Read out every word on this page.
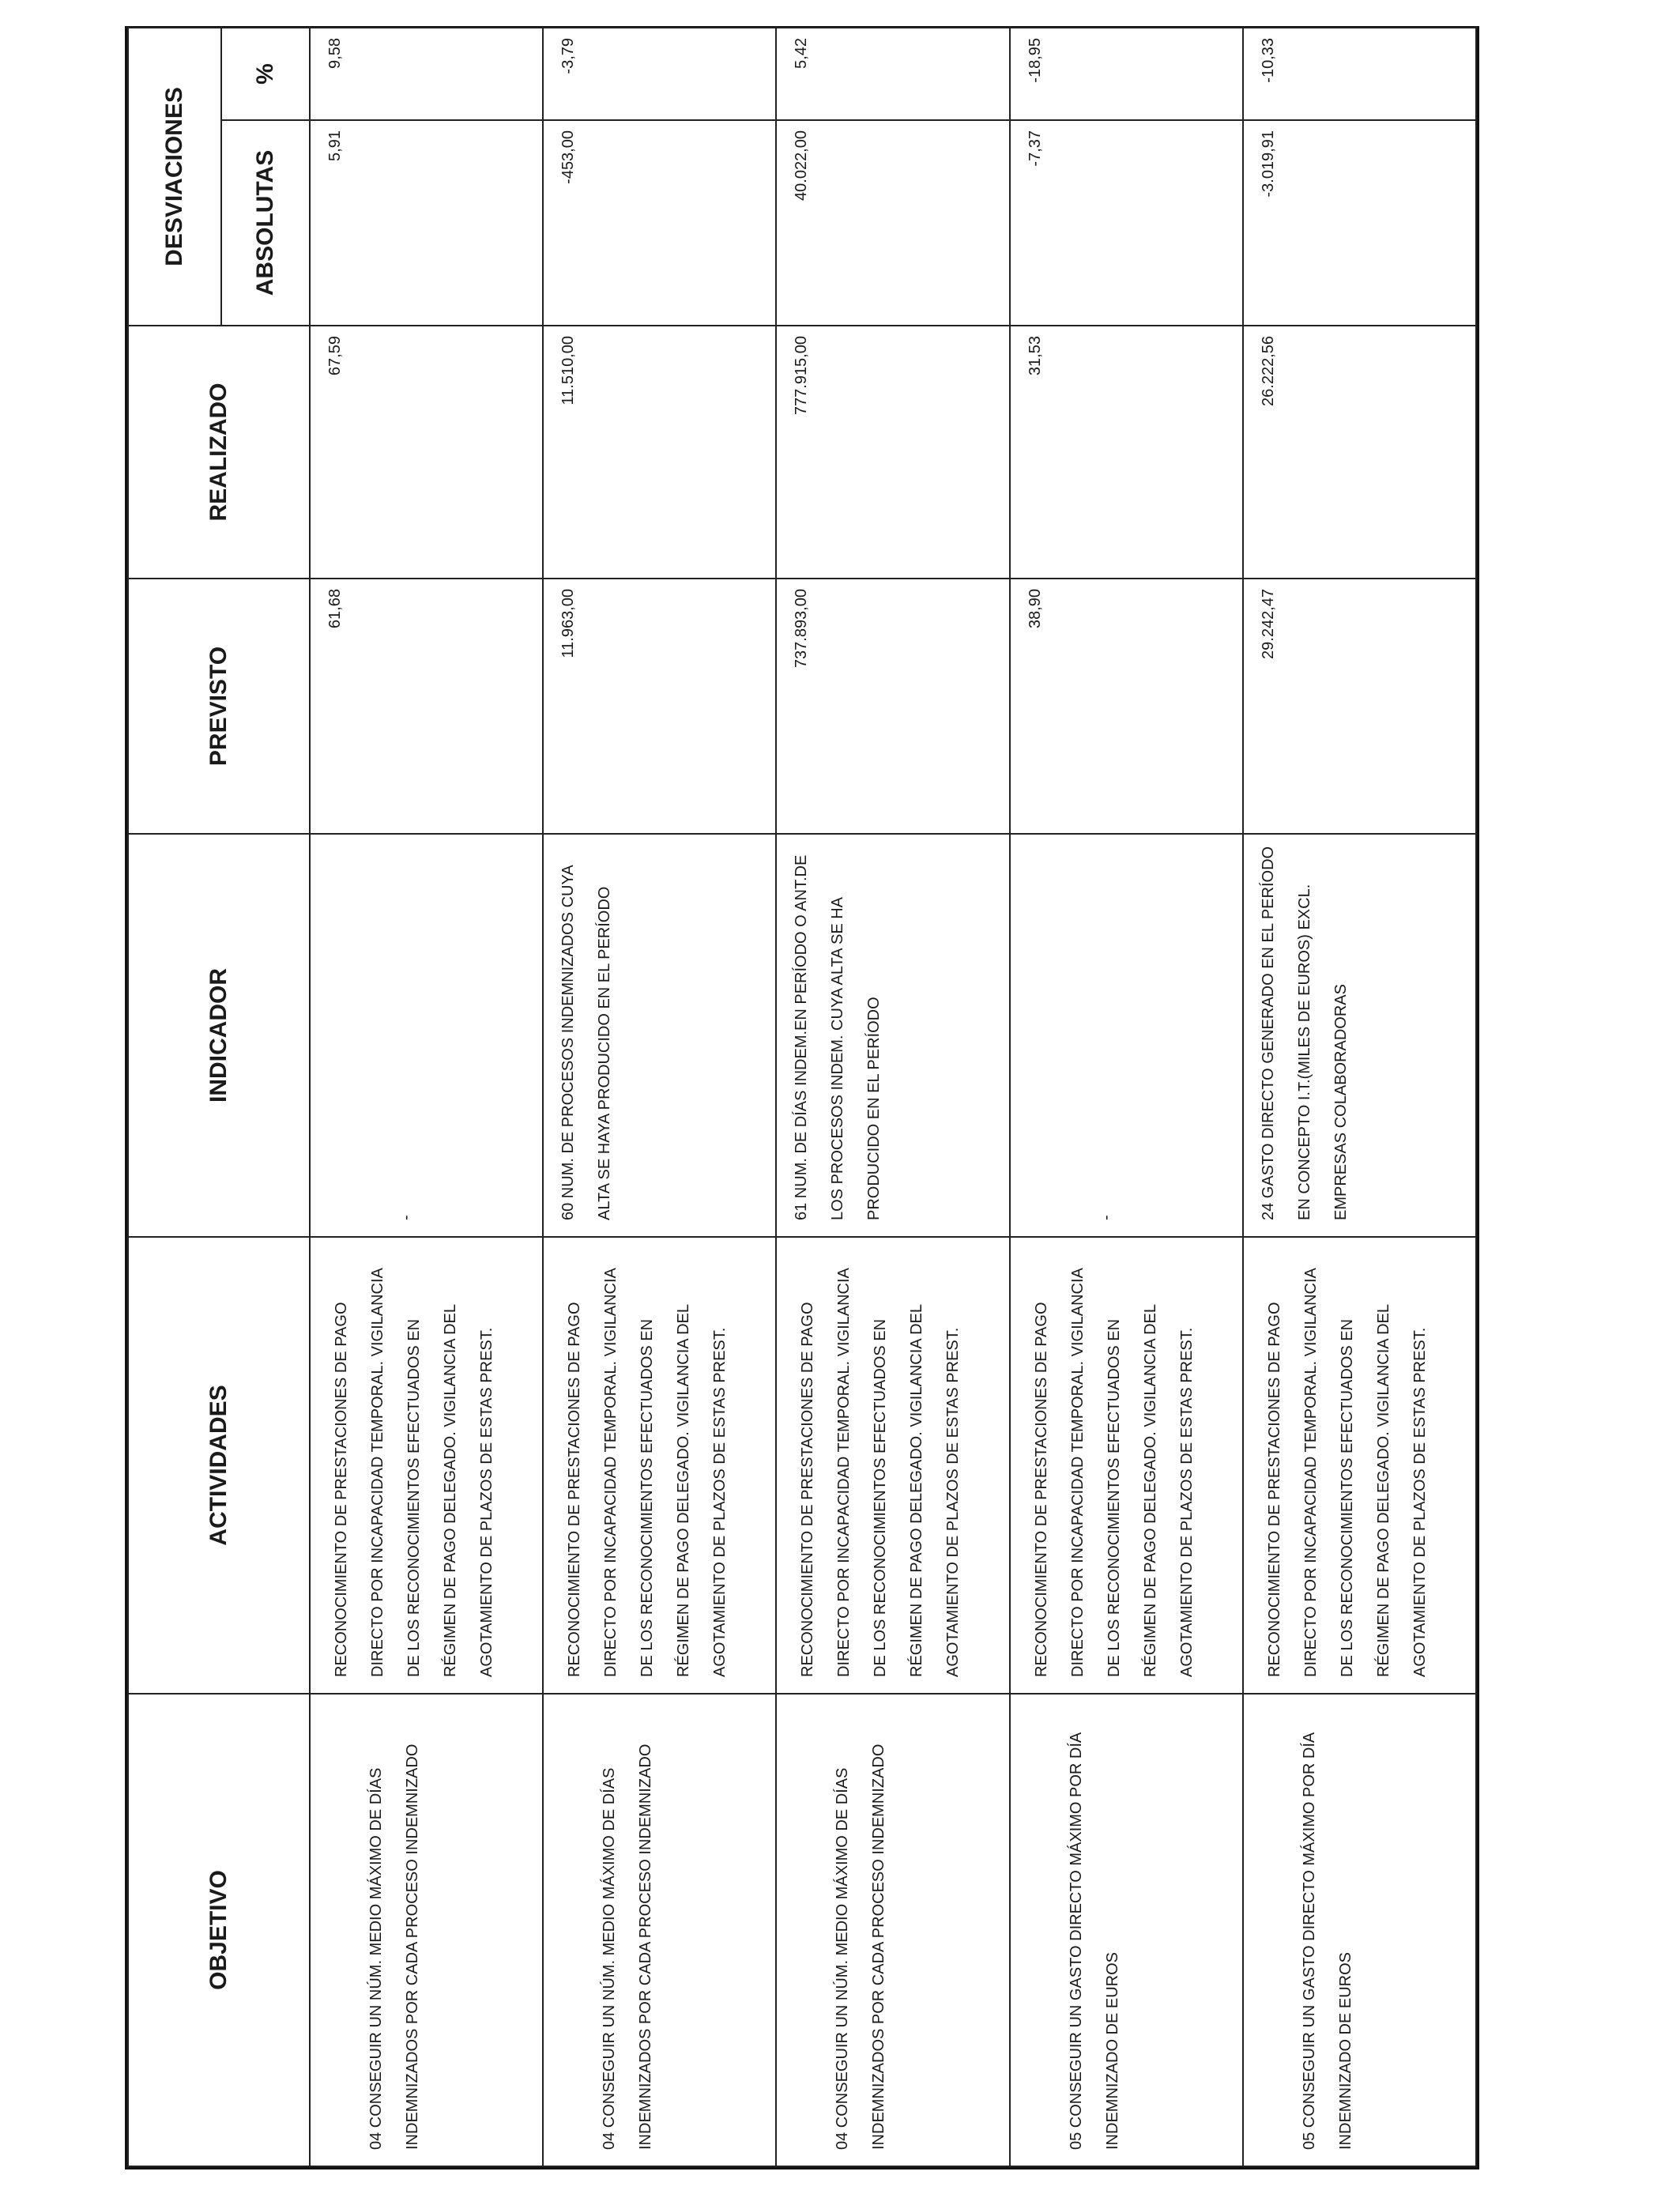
OBJETIVO	ACTIVIDADES	INDICADOR	PREVISTO	REALIZADO	DESVIACIONES	
					ABSOLUTAS	%

04 CONSEGUIR UN NÚM. MEDIO MÁXIMO DE DÍAS INDEMNIZADOS POR CADA PROCESO INDEMNIZADO	RECONOCIMIENTO DE PRESTACIONES DE PAGO DIRECTO POR INCAPACIDAD TEMPORAL. VIGILANCIA DE LOS RECONOCIMIENTOS EFECTUADOS EN RÉGIMEN DE PAGO DELEGADO. VIGILANCIA DEL AGOTAMIENTO DE PLAZOS DE ESTAS PREST.	-	61,68	67,59	5,91	9,58

04 CONSEGUIR UN NÚM. MEDIO MÁXIMO DE DÍAS INDEMNIZADOS POR CADA PROCESO INDEMNIZADO	RECONOCIMIENTO DE PRESTACIONES DE PAGO DIRECTO POR INCAPACIDAD TEMPORAL. VIGILANCIA DE LOS RECONOCIMIENTOS EFECTUADOS EN RÉGIMEN DE PAGO DELEGADO. VIGILANCIA DEL AGOTAMIENTO DE PLAZOS DE ESTAS PREST.	60 NUM. DE PROCESOS INDEMNIZADOS CUYA ALTA SE HAYA PRODUCIDO EN EL PERÍODO	11.963,00	11.510,00	-453,00	-3,79

04 CONSEGUIR UN NÚM. MEDIO MÁXIMO DE DÍAS INDEMNIZADOS POR CADA PROCESO INDEMNIZADO	RECONOCIMIENTO DE PRESTACIONES DE PAGO DIRECTO POR INCAPACIDAD TEMPORAL. VIGILANCIA DE LOS RECONOCIMIENTOS EFECTUADOS EN RÉGIMEN DE PAGO DELEGADO. VIGILANCIA DEL AGOTAMIENTO DE PLAZOS DE ESTAS PREST.	61 NUM. DE DÍAS INDEM.EN PERÍODO O ANT.DE LOS PROCESOS INDEM. CUYA ALTA SE HA PRODUCIDO EN EL PERÍODO	737.893,00	777.915,00	40.022,00	5,42

05 CONSEGUIR UN GASTO DIRECTO MÁXIMO POR DÍA INDEMNIZADO DE EUROS	RECONOCIMIENTO DE PRESTACIONES DE PAGO DIRECTO POR INCAPACIDAD TEMPORAL. VIGILANCIA DE LOS RECONOCIMIENTOS EFECTUADOS EN RÉGIMEN DE PAGO DELEGADO. VIGILANCIA DEL AGOTAMIENTO DE PLAZOS DE ESTAS PREST.	-	38,90	31,53	-7,37	-18,95

05 CONSEGUIR UN GASTO DIRECTO MÁXIMO POR DÍA INDEMNIZADO DE EUROS	RECONOCIMIENTO DE PRESTACIONES DE PAGO DIRECTO POR INCAPACIDAD TEMPORAL. VIGILANCIA DE LOS RECONOCIMIENTOS EFECTUADOS EN RÉGIMEN DE PAGO DELEGADO. VIGILANCIA DEL AGOTAMIENTO DE PLAZOS DE ESTAS PREST.	24 GASTO DIRECTO GENERADO EN EL PERÍODO EN CONCEPTO I.T.(MILES DE EUROS) EXCL. EMPRESAS COLABORADORAS	29.242,47	26.222,56	-3.019,91	-10,33
